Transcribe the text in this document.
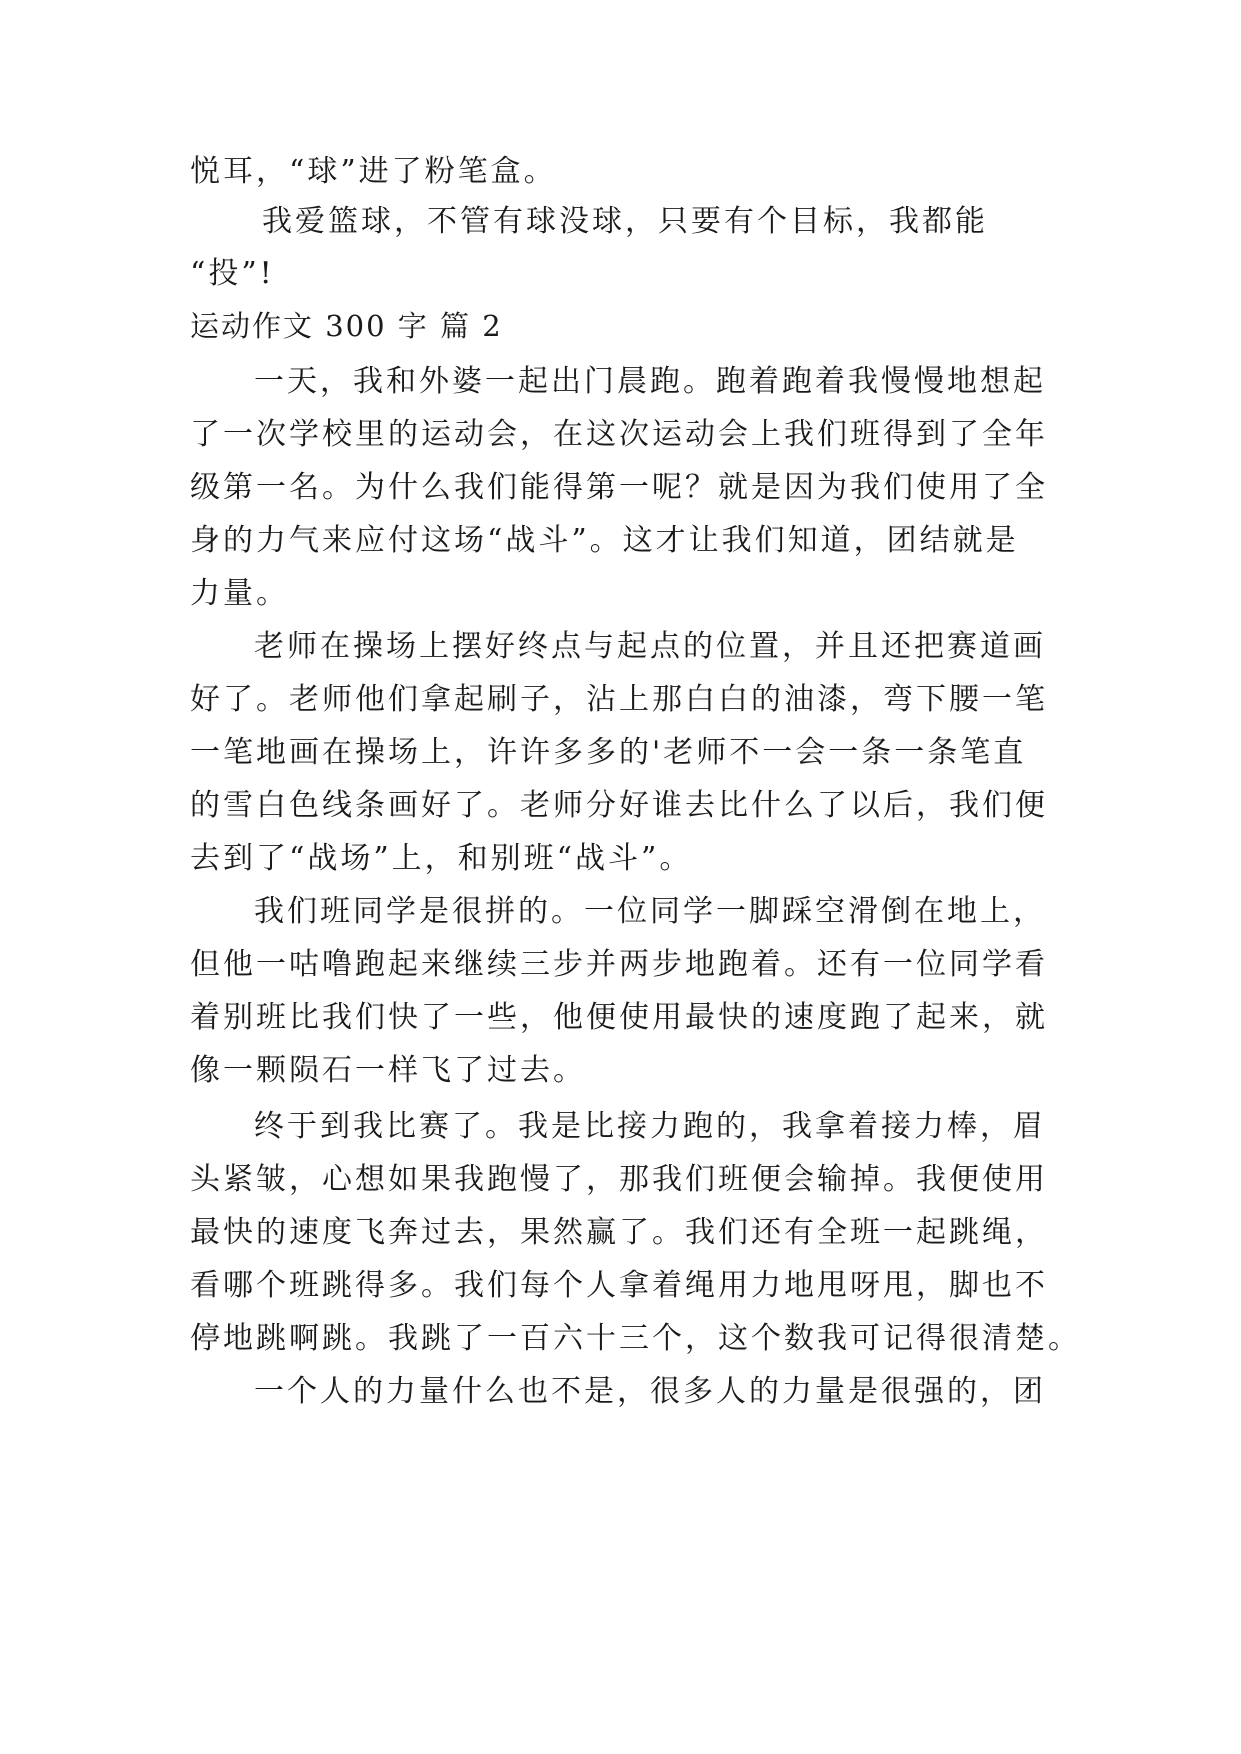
悦耳，“球”进了粉笔盒。
我爱篮球，不管有球没球，只要有个目标，我都能
“投”!
运动作文 300 字 篇 2
一天，我和外婆一起出门晨跑。跑着跑着我慢慢地想起
了一次学校里的运动会，在这次运动会上我们班得到了全年
级第一名。为什么我们能得第一呢？就是因为我们使用了全
身的力气来应付这场“战斗”。这才让我们知道，团结就是
力量。
老师在操场上摆好终点与起点的位置，并且还把赛道画
好了。老师他们拿起刷子，沾上那白白的油漆，弯下腰一笔
一笔地画在操场上，许许多多的'老师不一会一条一条笔直
的雪白色线条画好了。老师分好谁去比什么了以后，我们便
去到了“战场”上，和别班“战斗”。
我们班同学是很拼的。一位同学一脚踩空滑倒在地上，
但他一咕噜跑起来继续三步并两步地跑着。还有一位同学看
着别班比我们快了一些，他便使用最快的速度跑了起来，就
像一颗陨石一样飞了过去。
终于到我比赛了。我是比接力跑的，我拿着接力棒，眉
头紧皱，心想如果我跑慢了，那我们班便会输掉。我便使用
最快的速度飞奔过去，果然赢了。我们还有全班一起跳绳，
看哪个班跳得多。我们每个人拿着绳用力地甩呀甩，脚也不
停地跳啊跳。我跳了一百六十三个，这个数我可记得很清楚。
一个人的力量什么也不是，很多人的力量是很强的，团
